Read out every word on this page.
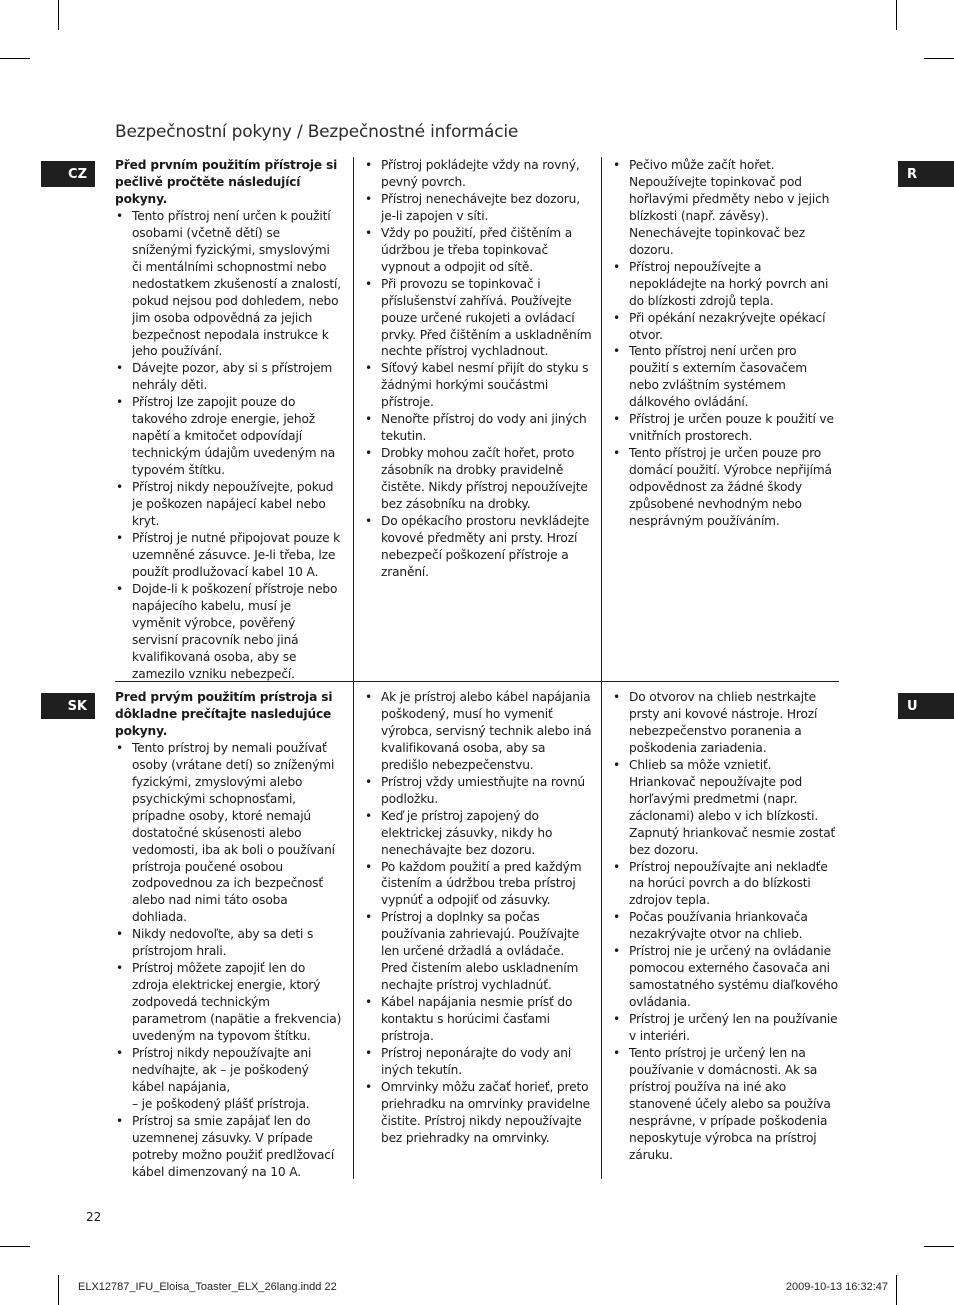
Bezpečnostní pokyny / Bezpečnostné informácie
CZ	R

Před prvním použitím přístroje si pečlivě pročtěte následující pokyny.

• Tento přístroj není určen k použití osobami (včetně dětí) se sníženými fyzickými, smyslovými či mentálními schopnostmi nebo nedostatkem zkušeností a znalostí, pokud nejsou pod dohledem, nebo jim osoba odpovědná za jejich bezpečnost nepodala instrukce k jeho používání.
• Dávejte pozor, aby si s přístrojem nehrály děti.
• Přístroj lze zapojit pouze do takového zdroje energie, jehož napětí a kmitočet odpovídají technickým údajům uvedeným na typovém štítku.
• Přístroj nikdy nepoužívejte, pokud je poškozen napájecí kabel nebo kryt.
• Přístroj je nutné připojovat pouze k uzemněné zásuvce. Je-li třeba, lze použít prodlužovací kabel 10 A.
• Dojde-li k poškození přístroje nebo napájecího kabelu, musí je vyměnit výrobce, pověřený servisní pracovník nebo jiná kvalifikovaná osoba, aby se zamezilo vzniku nebezpečí.
• Přístroj pokládejte vždy na rovný, pevný povrch.
• Přístroj nenechávejte bez dozoru, je-li zapojen v síti.
• Vždy po použití, před čištěním a údržbou je třeba topinkovač vypnout a odpojit od sítě.
• Při provozu se topinkovač i příslušenství zahřívá. Používejte pouze určené rukojeti a ovládací prvky. Před čištěním a uskladněním nechte přístroj vychladnout.
• Síťový kabel nesmí přijít do styku s žádnými horkými součástmi přístroje.
• Nenořte přístroj do vody ani jiných tekutin.
• Drobky mohou začít hořet, proto zásobník na drobky pravidelně čistěte. Nikdy přístroj nepoužívejte bez zásobníku na drobky.
• Do opékacího prostoru nevkládejte kovové předměty ani prsty. Hrozí nebezpečí poškození přístroje a zranění.
• Pečivo může začít hořet. Nepoužívejte topinkovač pod hořlavými předměty nebo v jejich blízkosti (např. závěsy). Nenechávejte topinkovač bez dozoru.
• Přístroj nepoužívejte a nepokládejte na horký povrch ani do blízkosti zdrojů tepla.
• Při opékání nezakrývejte opékací otvor.
• Tento přístroj není určen pro použití s externím časovačem nebo zvláštním systémem dálkového ovládání.
• Přístroj je určen pouze k použití ve vnitřních prostorech.
• Tento přístroj je určen pouze pro domácí použití. Výrobce nepřijímá odpovědnost za žádné škody způsobené nevhodným nebo nesprávným používáním.
SK	U

Pred prvým použitím prístroja si dôkladne prečítajte nasledujúce pokyny.

• Tento prístroj by nemali používať osoby (vrátane detí) so zníženými fyzickými, zmyslovými alebo psychickými schopnosťami, prípadne osoby, ktoré nemajú dostatočné skúsenosti alebo vedomosti, iba ak boli o používaní prístroja poučené osobou zodpovednou za ich bezpečnosť alebo nad nimi táto osoba dohliada.
• Nikdy nedovoľte, aby sa deti s prístrojom hrali.
• Prístroj môžete zapojiť len do zdroja elektrickej energie, ktorý zodpovedá technickým parametrom (napätie a frekvencia) uvedeným na typovom štítku.
• Prístroj nikdy nepoužívajte ani nedvíhajte, ak – je poškodený kábel napájania,
– je poškodený plášť prístroja.
• Prístroj sa smie zapájať len do uzemnenej zásuvky. V prípade potreby možno použiť predlžovací kábel dimenzovaný na 10 A.
• Ak je prístroj alebo kábel napájania poškodený, musí ho vymeniť výrobca, servisný technik alebo iná kvalifikovaná osoba, aby sa predišlo nebezpečenstvu.
• Prístroj vždy umiestňujte na rovnú podložku.
• Keď je prístroj zapojený do elektrickej zásuvky, nikdy ho nenechávajte bez dozoru.
• Po každom použití a pred každým čistením a údržbou treba prístroj vypnúť a odpojiť od zásuvky.
• Prístroj a doplnky sa počas používania zahrievajú. Používajte len určené držadlá a ovládače. Pred čistením alebo uskladnením nechajte prístroj vychladnúť.
• Kábel napájania nesmie prísť do kontaktu s horúcimi časťami prístroja.
• Prístroj neponárajte do vody ani iných tekutín.
• Omrvinky môžu začať horieť, preto priehradku na omrvinky pravidelne čistite. Prístroj nikdy nepoužívajte bez priehradky na omrvinky.
• Do otvorov na chlieb nestrkajte prsty ani kovové nástroje. Hrozí nebezpečenstvo poranenia a poškodenia zariadenia.
• Chlieb sa môže vznietiť. Hriankovač nepoužívajte pod horľavými predmetmi (napr. záclonami) alebo v ich blízkosti. Zapnutý hriankovač nesmie zostať bez dozoru.
• Prístroj nepoužívajte ani nekladťe na horúci povrch a do blízkosti zdrojov tepla.
• Počas používania hriankovača nezakrývajte otvor na chlieb.
• Prístroj nie je určený na ovládanie pomocou externého časovača ani samostatného systému diaľkového ovládania.
• Prístroj je určený len na používanie v interiéri.
• Tento prístroj je určený len na používanie v domácnosti. Ak sa prístroj používa na iné ako stanovené účely alebo sa používa nesprávne, v prípade poškodenia neposkytuje výrobca na prístroj záruku.
22
ELX12787_IFU_Eloisa_Toaster_ELX_26lang.indd 22	2009-10-13 16:32:47
